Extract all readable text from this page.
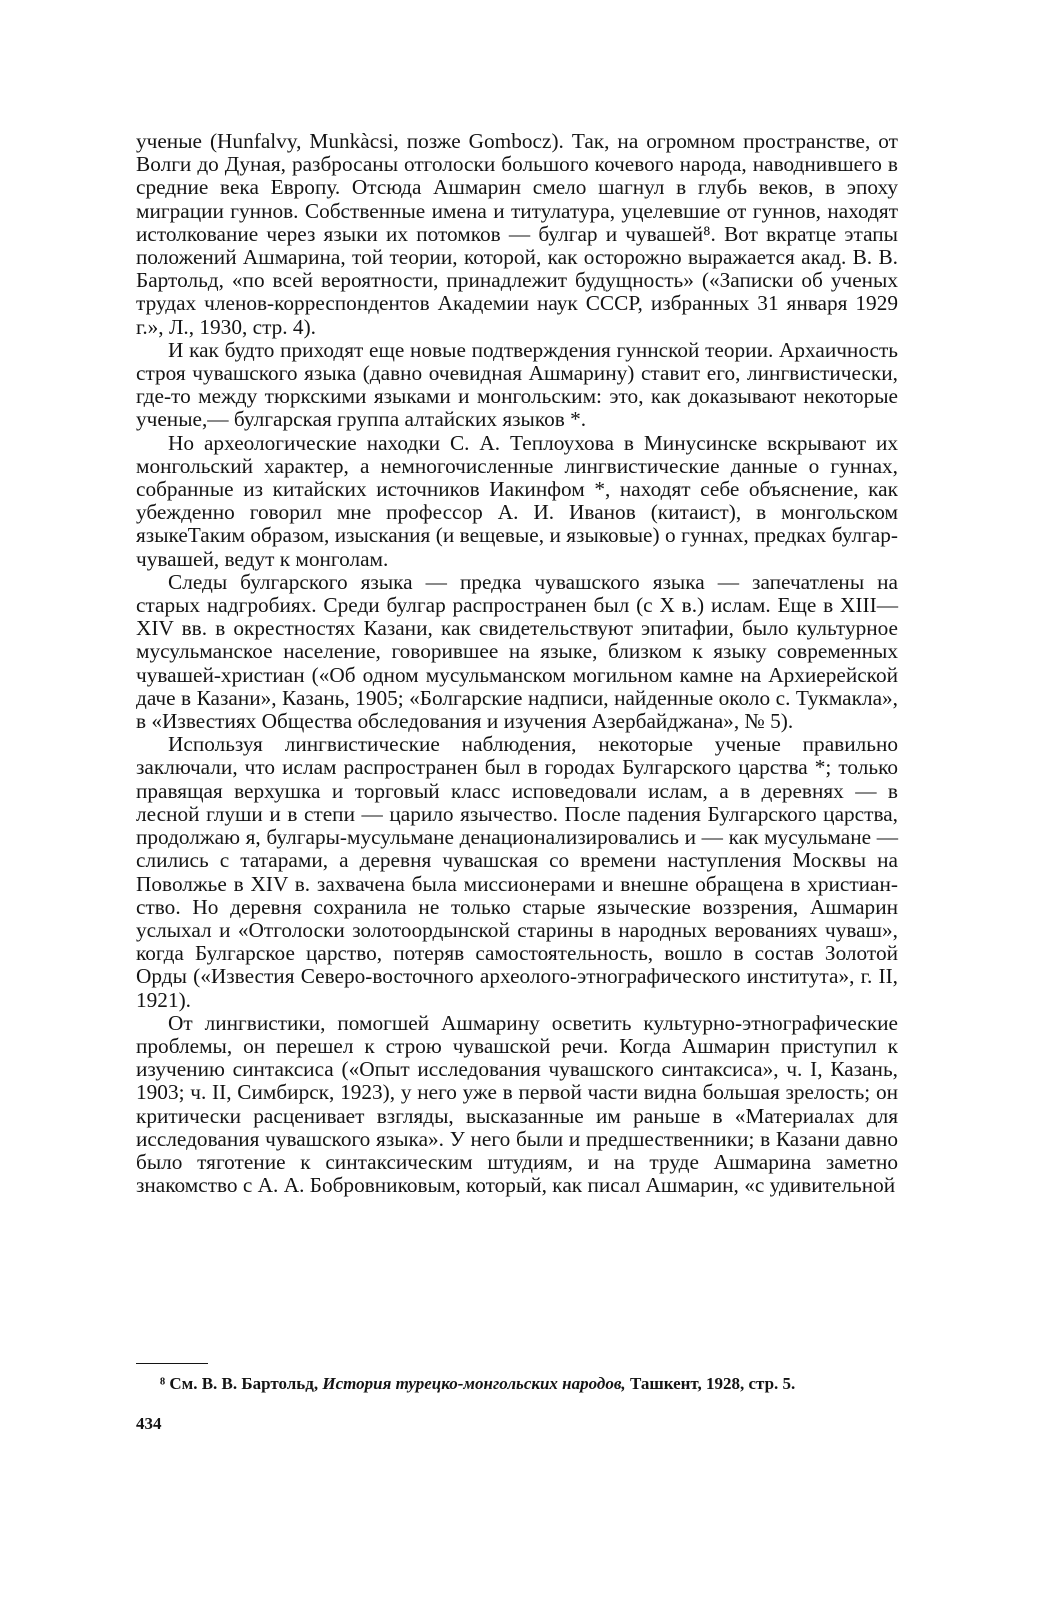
ученые (Hunfalvy, Munkàcsi, позже Gombocz). Так, на огромном пространстве, от Волги до Дуная, разбросаны отголоски большого кочевого народа, наводнившего в средние века Европу. Отсюда Ашмарин смело шагнул в глубь веков, в эпоху миграции гуннов. Собственные имена и титулатура, уцелевшие от гуннов, находят истолкование через языки их потомков — булгар и чувашей⁸. Вот вкратце этапы положений Ашмарина, той теории, которой, как осторожно выражается акад. В. В. Бартольд, «по всей вероятности, принадлежит будущность» («Записки об у́ченых трудах членов-корреспондентов Академии наук СССР, избранных 31 января 1929 г.», Л., 1930, стр. 4).

И как будто приходят еще новые подтверждения гуннской теории. Архаичность строя чувашского языка (давно очевидная Ашмарину) ставит его, лингвистически, где-то между тюркскими языками и монгольским: это, как доказывают некоторые ученые,— булгарская группа алтайских языков *.

Но археологические находки С. А. Теплоухова в Минусинске вскрывают их монгольский характер, а немногочисленные лингвистические данные о гуннах, собранные из китайских источников Иакинфом *, находят себе объяснение, как убежденно говорил мне профессор А. И. Иванов (китаист), в монгольском языкеТаким образом, изыскания (и вещевые, и языковые) о гуннах, предках булгар-чувашей, ведут к монголам.

Следы булгарского языка — предка чувашского языка — запечатлены на старых надгробиях. Среди булгар распространен был (с X в.) ислам. Еще в XIII—XIV вв. в окрестностях Казани, как свидетельствуют эпитафии, было культурное мусульманское население, говорившее на языке, близком к языку современных чувашей-христиан («Об одном мусульманском могильном камне на Архиерейской даче в Казани», Казань, 1905; «Болгарские надписи, найденные около с. Тукмакла», в «Известиях Общества обследования и изучения Азербайджана», № 5).

Используя лингвистические наблюдения, некоторые ученые правильно заключали, что ислам распространен был в городах Булгарского царства *; только правящая верхушка и торговый класс исповедовали ислам, а в деревнях — в лесной глуши и в степи — царило язычество. После падения Булгарского царства, продолжаю я, булгары-мусульмане денационализировались и — как мусульмане — слились с татарами, а деревня чувашская со времени наступления Москвы на Поволжье в XIV в. захвачена была миссионерами и внешне обращена в христианство. Но деревня сохранила не только старые языческие воззрения, Ашмарин услыхал и «Отголоски золотоордынской старины в народных верованиях чуваш», когда Булгарское царство, потеряв самостоятельность, вошло в состав Золотой Орды («Известия Северо-восточного археолого-этнографического института», г. II, 1921).

От лингвистики, помогшей Ашмарину осветить культурно-этнографические проблемы, он перешел к строю чувашской речи. Когда Ашмарин приступил к изучению синтаксиса («Опыт исследования чувашского синтаксиса», ч. I, Казань, 1903; ч. II, Симбирск, 1923), у него уже в первой части видна большая зрелость; он критически расценивает взгляды, высказанные им раньше в «Материалах для исследования чувашского языка». У него были и предшественники; в Казани давно было тяготение к синтаксическим штудиям, и на труде Ашмарина заметно знакомство с А. А. Бобровниковым, который, как писал Ашмарин, «с удивительной

⁸ См. В. В. Бартольд, История турецко-монгольских народов, Ташкент, 1928, стр. 5.
434
